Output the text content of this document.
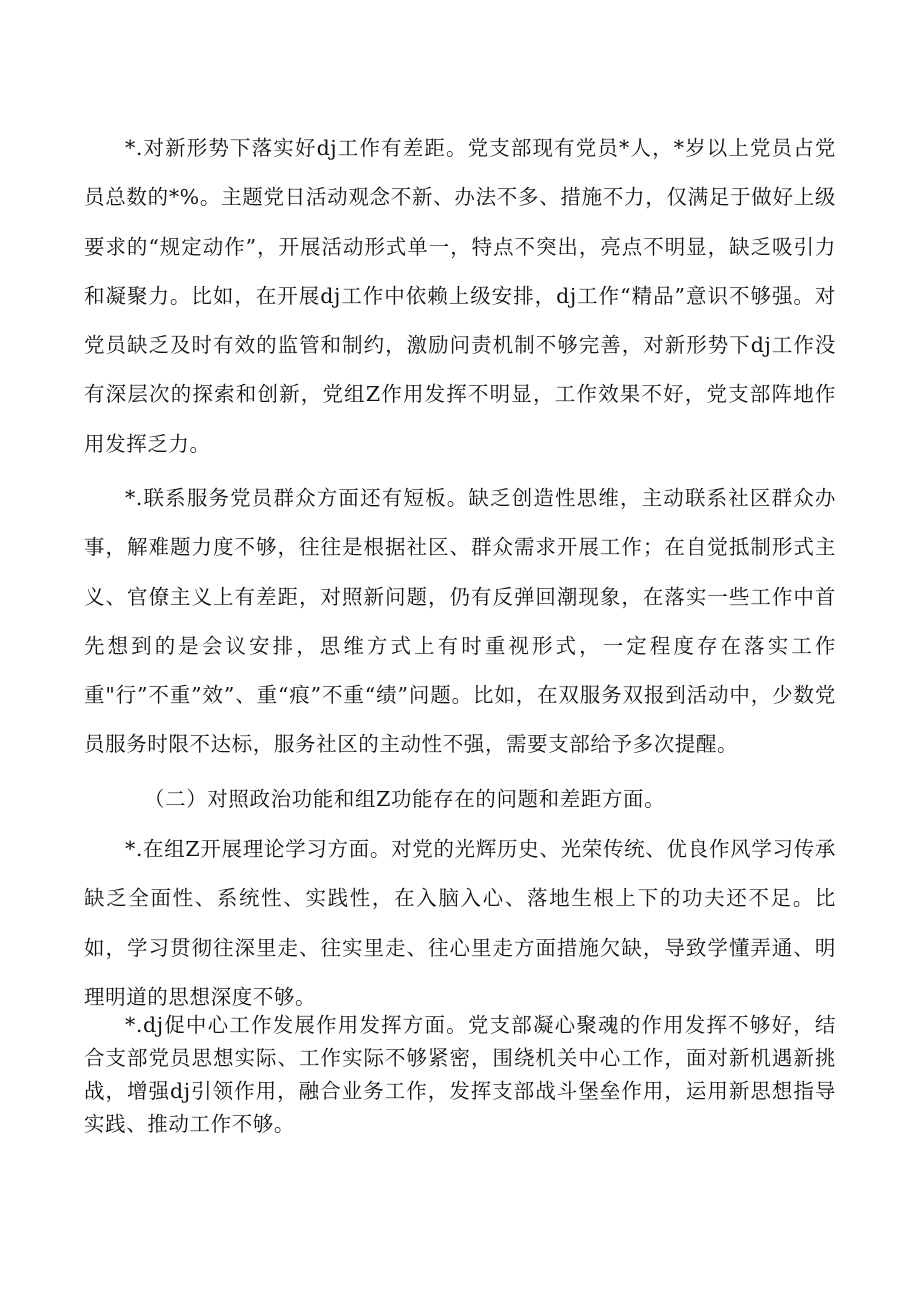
*.对新形势下落实好dj工作有差距。党支部现有党员*人，*岁以上党员占党员总数的*%。主题党日活动观念不新、办法不多、措施不力，仅满足于做好上级要求的“规定动作”，开展活动形式单一，特点不突出，亮点不明显，缺乏吸引力和凝聚力。比如，在开展dj工作中依赖上级安排，dj工作“精品”意识不够强。对党员缺乏及时有效的监管和制约，激励问责机制不够完善，对新形势下dj工作没有深层次的探索和创新，党组Z作用发挥不明显，工作效果不好，党支部阵地作用发挥乏力。

*.联系服务党员群众方面还有短板。缺乏创造性思维，主动联系社区群众办事，解难题力度不够，往往是根据社区、群众需求开展工作；在自觉抵制形式主义、官僚主义上有差距，对照新问题，仍有反弹回潮现象，在落实一些工作中首先想到的是会议安排，思维方式上有时重视形式，一定程度存在落实工作重"行”不重”效”、重“痕”不重“绩”问题。比如，在双服务双报到活动中，少数党员服务时限不达标，服务社区的主动性不强，需要支部给予多次提醒。

（二）对照政治功能和组Z功能存在的问题和差距方面。

*.在组Z开展理论学习方面。对党的光辉历史、光荣传统、优良作风学习传承缺乏全面性、系统性、实践性，在入脑入心、落地生根上下的功夫还不足。比如，学习贯彻往深里走、往实里走、往心里走方面措施欠缺，导致学懂弄通、明理明道的思想深度不够。

*.dj促中心工作发展作用发挥方面。党支部凝心聚魂的作用发挥不够好，结合支部党员思想实际、工作实际不够紧密，围绕机关中心工作，面对新机遇新挑战，增强dj引领作用，融合业务工作，发挥支部战斗堡垒作用，运用新思想指导实践、推动工作不够。
